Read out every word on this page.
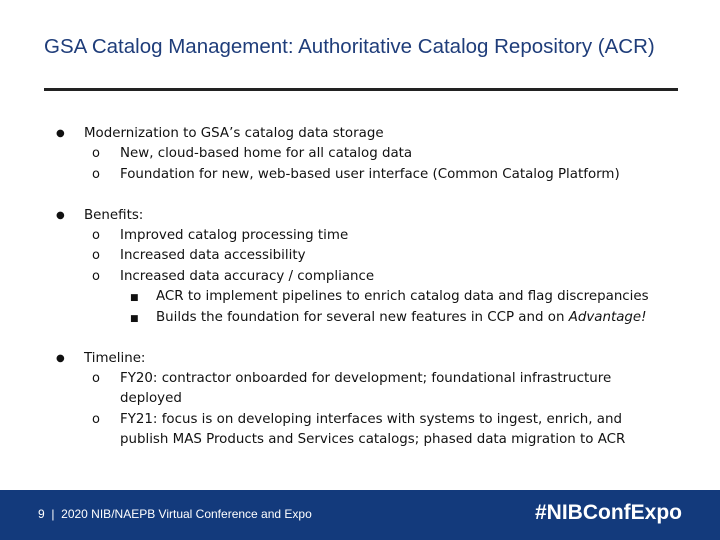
GSA Catalog Management: Authoritative Catalog Repository (ACR)
● Modernization to GSA’s catalog data storage
o New, cloud-based home for all catalog data
o Foundation for new, web-based user interface (Common Catalog Platform)
● Benefits:
o Improved catalog processing time
o Increased data accessibility
o Increased data accuracy / compliance
■ ACR to implement pipelines to enrich catalog data and flag discrepancies
■ Builds the foundation for several new features in CCP and on Advantage!
● Timeline:
o FY20: contractor onboarded for development; foundational infrastructure
deployed
o FY21: focus is on developing interfaces with systems to ingest, enrich, and
publish MAS Products and Services catalogs; phased data migration to ACR
9 | 2020 NIB/NAEPB Virtual Conference and Expo	#NIBConfExpo
